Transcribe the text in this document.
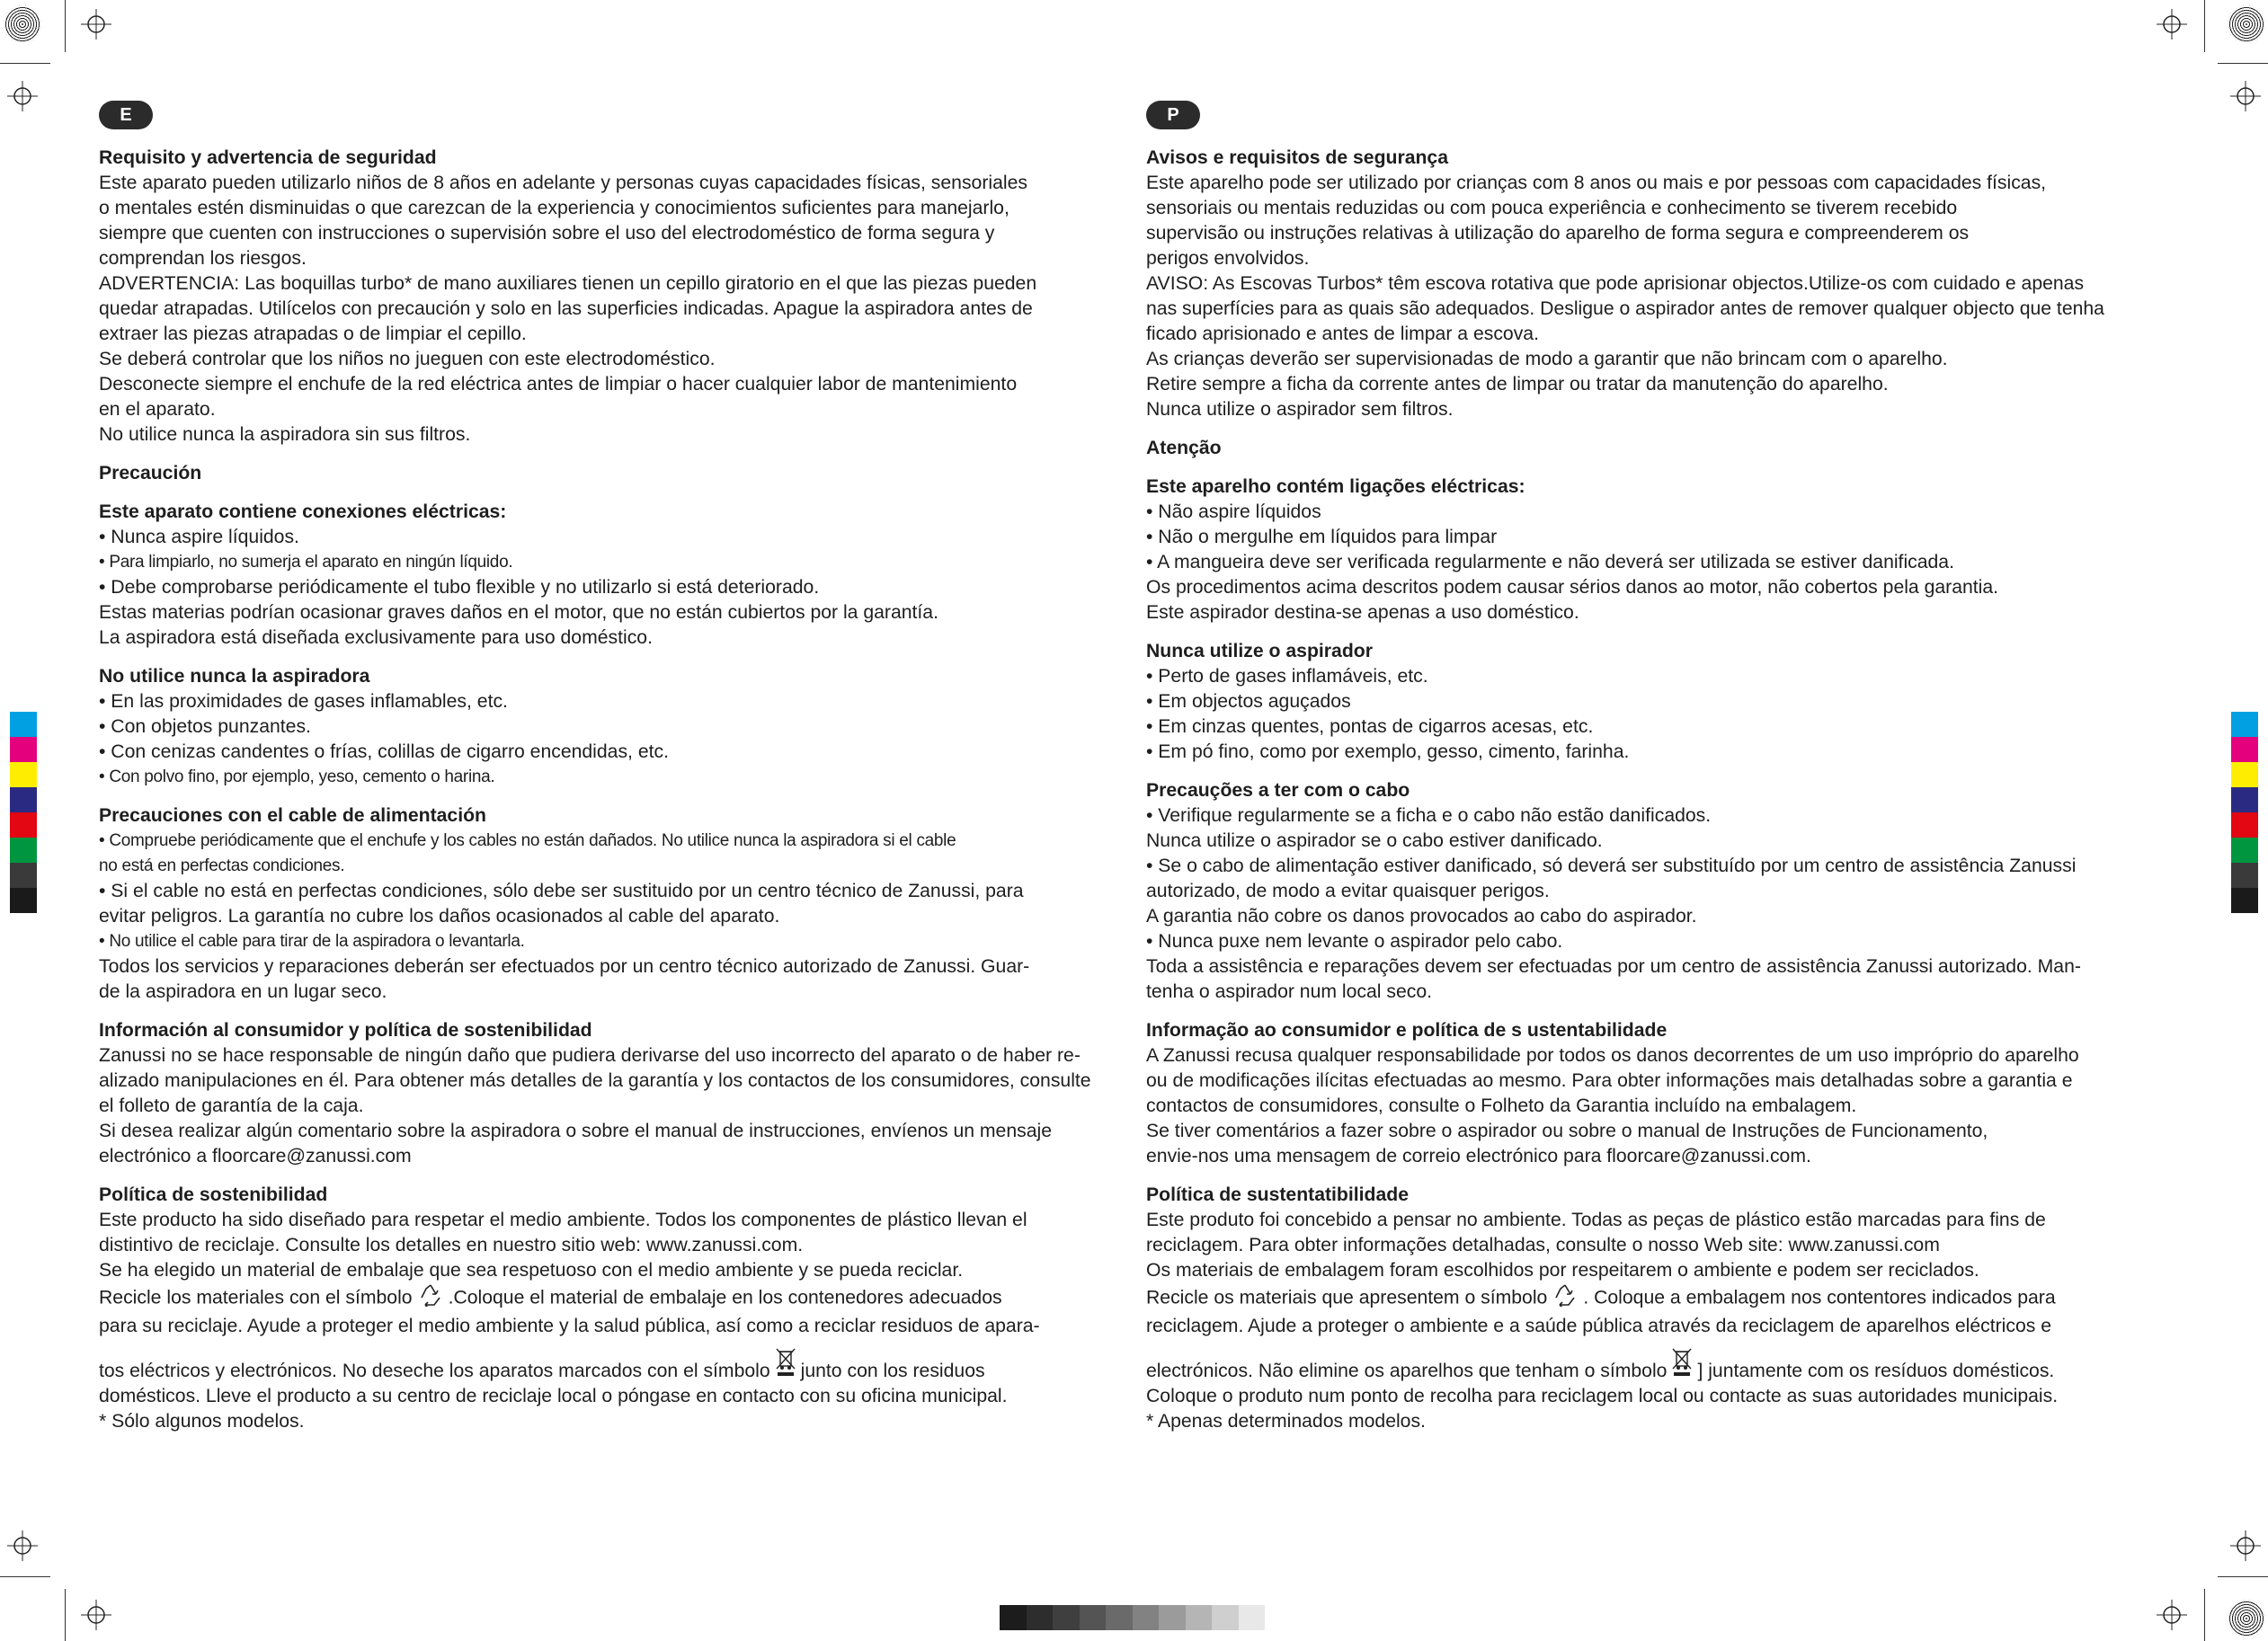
E
Requisito y advertencia de seguridad
Este aparato pueden utilizarlo niños de 8 años en adelante y personas cuyas capacidades físicas, sensoriales
o mentales estén disminuidas o que carezcan de la experiencia y conocimientos suficientes para manejarlo,
siempre que cuenten con instrucciones o supervisión sobre el uso del electrodoméstico de forma segura y
comprendan los riesgos.
ADVERTENCIA: Las boquillas turbo* de mano auxiliares tienen un cepillo giratorio en el que las piezas pueden
quedar atrapadas. Utilícelos con precaución y solo en las superficies indicadas. Apague la aspiradora antes de
extraer las piezas atrapadas o de limpiar el cepillo.
Se deberá controlar que los niños no jueguen con este electrodoméstico.
Desconecte siempre el enchufe de la red eléctrica antes de limpiar o hacer cualquier labor de mantenimiento
en el aparato.
No utilice nunca la aspiradora sin sus filtros.
Precaución
Este aparato contiene conexiones eléctricas:
• Nunca aspire líquidos.
• Para limpiarlo, no sumerja el aparato en ningún líquido.
• Debe comprobarse periódicamente el tubo flexible y no utilizarlo si está deteriorado.
Estas materias podrían ocasionar graves daños en el motor, que no están cubiertos por la garantía.
La aspiradora está diseñada exclusivamente para uso doméstico.
No utilice nunca la aspiradora
• En las proximidades de gases inflamables, etc.
• Con objetos punzantes.
• Con cenizas candentes o frías, colillas de cigarro encendidas, etc.
• Con polvo fino, por ejemplo, yeso, cemento o harina.
Precauciones con el cable de alimentación
• Compruebe periódicamente que el enchufe y los cables no están dañados. No utilice nunca la aspiradora si el cable
no está en perfectas condiciones.
• Si el cable no está en perfectas condiciones, sólo debe ser sustituido por un centro técnico de Zanussi, para
evitar peligros. La garantía no cubre los daños ocasionados al cable del aparato.
• No utilice el cable para tirar de la aspiradora o levantarla.
Todos los servicios y reparaciones deberán ser efectuados por un centro técnico autorizado de Zanussi. Guar-
de la aspiradora en un lugar seco.
Información al consumidor y política de sostenibilidad
Zanussi no se hace responsable de ningún daño que pudiera derivarse del uso incorrecto del aparato o de haber re-
alizado manipulaciones en él. Para obtener más detalles de la garantía y los contactos de los consumidores, consulte
el folleto de garantía de la caja.
Si desea realizar algún comentario sobre la aspiradora o sobre el manual de instrucciones, envíenos un mensaje
electrónico a floorcare@zanussi.com
Política de sostenibilidad
Este producto ha sido diseñado para respetar el medio ambiente. Todos los componentes de plástico llevan el
distintivo de reciclaje. Consulte los detalles en nuestro sitio web: www.zanussi.com.
Se ha elegido un material de embalaje que sea respetuoso con el medio ambiente y se pueda reciclar.
Recicle los materiales con el símbolo .Coloque el material de embalaje en los contenedores adecuados
para su reciclaje. Ayude a proteger el medio ambiente y la salud pública, así como a reciclar residuos de apara-
tos eléctricos y electrónicos. No deseche los aparatos marcados con el símbolo junto con los residuos
domésticos. Lleve el producto a su centro de reciclaje local o póngase en contacto con su oficina municipal.
* Sólo algunos modelos.
P
Avisos e requisitos de segurança
Este aparelho pode ser utilizado por crianças com 8 anos ou mais e por pessoas com capacidades físicas,
sensoriais ou mentais reduzidas ou com pouca experiência e conhecimento se tiverem recebido
supervisão ou instruções relativas à utilização do aparelho de forma segura e compreenderem os
perigos envolvidos.
AVISO: As Escovas Turbos* têm escova rotativa que pode aprisionar objectos.Utilize-os com cuidado e apenas
nas superfícies para as quais são adequados. Desligue o aspirador antes de remover qualquer objecto que tenha
ficado aprisionado e antes de limpar a escova.
As crianças deverão ser supervisionadas de modo a garantir que não brincam com o aparelho.
Retire sempre a ficha da corrente antes de limpar ou tratar da manutenção do aparelho.
Nunca utilize o aspirador sem filtros.
Atenção
Este aparelho contém ligações eléctricas:
• Não aspire líquidos
• Não o mergulhe em líquidos para limpar
• A mangueira deve ser verificada regularmente e não deverá ser utilizada se estiver danificada.
Os procedimentos acima descritos podem causar sérios danos ao motor, não cobertos pela garantia.
Este aspirador destina-se apenas a uso doméstico.
Nunca utilize o aspirador
• Perto de gases inflamáveis, etc.
• Em objectos aguçados
• Em cinzas quentes, pontas de cigarros acesas, etc.
• Em pó fino, como por exemplo, gesso, cimento, farinha.
Precauções a ter com o cabo
• Verifique regularmente se a ficha e o cabo não estão danificados.
Nunca utilize o aspirador se o cabo estiver danificado.
• Se o cabo de alimentação estiver danificado, só deverá ser substituído por um centro de assistência Zanussi
autorizado, de modo a evitar quaisquer perigos.
A garantia não cobre os danos provocados ao cabo do aspirador.
• Nunca puxe nem levante o aspirador pelo cabo.
Toda a assistência e reparações devem ser efectuadas por um centro de assistência Zanussi autorizado. Man-
tenha o aspirador num local seco.
Informação ao consumidor e política de s ustentabilidade
A Zanussi recusa qualquer responsabilidade por todos os danos decorrentes de um uso impróprio do aparelho
ou de modificações ilícitas efectuadas ao mesmo. Para obter informações mais detalhadas sobre a garantia e
contactos de consumidores, consulte o Folheto da Garantia incluído na embalagem.
Se tiver comentários a fazer sobre o aspirador ou sobre o manual de Instruções de Funcionamento,
envie-nos uma mensagem de correio electrónico para floorcare@zanussi.com.
Política de sustentatibilidade
Este produto foi concebido a pensar no ambiente. Todas as peças de plástico estão marcadas para fins de
reciclagem. Para obter informações detalhadas, consulte o nosso Web site: www.zanussi.com
Os materiais de embalagem foram escolhidos por respeitarem o ambiente e podem ser reciclados.
Recicle os materiais que apresentem o símbolo . Coloque a embalagem nos contentores indicados para
reciclagem. Ajude a proteger o ambiente e a saúde pública através da reciclagem de aparelhos eléctricos e
electrónicos. Não elimine os aparelhos que tenham o símbolo ] juntamente com os resíduos domésticos.
Coloque o produto num ponto de recolha para reciclagem local ou contacte as suas autoridades municipais.
* Apenas determinados modelos.
